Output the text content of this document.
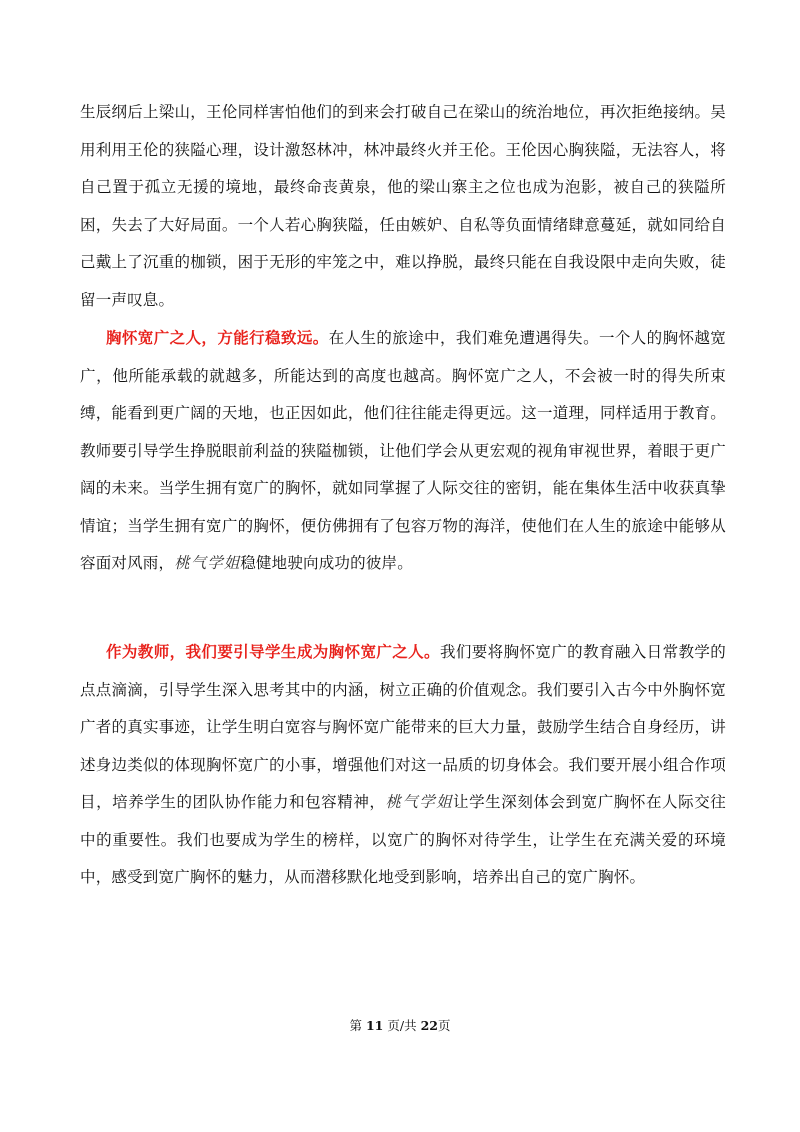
生辰纲后上梁山，王伦同样害怕他们的到来会打破自己在梁山的统治地位，再次拒绝接纳。吴用利用王伦的狭隘心理，设计激怒林冲，林冲最终火并王伦。王伦因心胸狭隘，无法容人，将自己置于孤立无援的境地，最终命丧黄泉，他的梁山寨主之位也成为泡影，被自己的狭隘所困，失去了大好局面。一个人若心胸狭隘，任由嫉妒、自私等负面情绪肆意蔓延，就如同给自己戴上了沉重的枷锁，困于无形的牢笼之中，难以挣脱，最终只能在自我设限中走向失败，徒留一声叹息。

胸怀宽广之人，方能行稳致远。在人生的旅途中，我们难免遭遇得失。一个人的胸怀越宽广，他所能承载的就越多，所能达到的高度也越高。胸怀宽广之人，不会被一时的得失所束缚，能看到更广阔的天地，也正因如此，他们往往能走得更远。这一道理，同样适用于教育。教师要引导学生挣脱眼前利益的狭隘枷锁，让他们学会从更宏观的视角审视世界，着眼于更广阔的未来。当学生拥有宽广的胸怀，就如同掌握了人际交往的密钥，能在集体生活中收获真挚情谊；当学生拥有宽广的胸怀，便仿佛拥有了包容万物的海洋，使他们在人生的旅途中能够从容面对风雨，桃气学姐稳健地驶向成功的彼岸。

作为教师，我们要引导学生成为胸怀宽广之人。我们要将胸怀宽广的教育融入日常教学的点点滴滴，引导学生深入思考其中的内涵，树立正确的价值观念。我们要引入古今中外胸怀宽广者的真实事迹，让学生明白宽容与胸怀宽广能带来的巨大力量，鼓励学生结合自身经历，讲述身边类似的体现胸怀宽广的小事，增强他们对这一品质的切身体会。我们要开展小组合作项目，培养学生的团队协作能力和包容精神，桃气学姐让学生深刻体会到宽广胸怀在人际交往中的重要性。我们也要成为学生的榜样，以宽广的胸怀对待学生，让学生在充满关爱的环境中，感受到宽广胸怀的魅力，从而潜移默化地受到影响，培养出自己的宽广胸怀。

第 11 页/共 22页
